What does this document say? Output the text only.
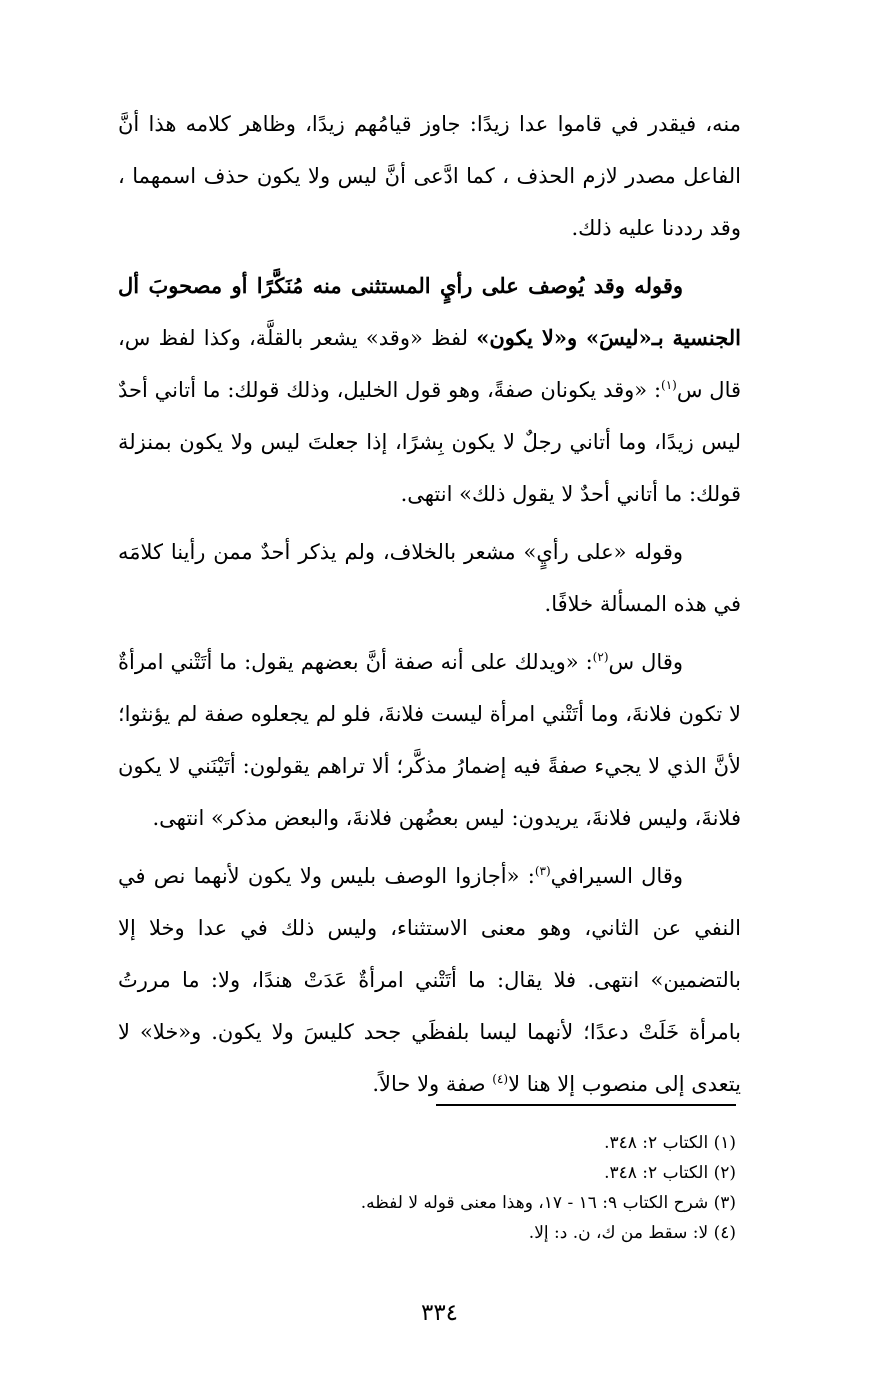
منه، فيقدر في قاموا عدا زيدًا: جاوز قيامُهم زيدًا، وظاهر كلامه هذا أنَّ الفاعل مصدر لازم الحذف ، كما ادَّعى أنَّ ليس ولا يكون حذف اسمهما ، وقد رددنا عليه ذلك.

وقوله وقد يُوصف على رأيٍ المستثنى منه مُنَكَّرًا أو مصحوبَ أل الجنسية بـ«ليسَ» و«لا يكون» لفظ «وقد» يشعر بالقلَّة، وكذا لفظ س، قال س$^{(١)}$: «وقد يكونان صفةً، وهو قول الخليل، وذلك قولك: ما أتاني أحدٌ ليس زيدًا، وما أتاني رجلٌ لا يكون بِشرًا، إذا جعلتَ ليس ولا يكون بمنزلة قولك: ما أتاني أحدٌ لا يقول ذلك» انتهى.

وقوله «على رأيٍ» مشعر بالخلاف، ولم يذكر أحدٌ ممن رأينا كلامَه في هذه المسألة خلافًا.

وقال س$^{(٢)}$: «ويدلك على أنه صفة أنَّ بعضهم يقول: ما أتَتْني امرأةٌ لا تكون فلانةَ، وما أتَتْني امرأة ليست فلانةَ، فلو لم يجعلوه صفة لم يؤنثوا؛ لأنَّ الذي لا يجيء صفةً فيه إضمارُ مذكَّر؛ ألا تراهم يقولون: أتَيْنَني لا يكون فلانةَ، وليس فلانةَ، يريدون: ليس بعضُهن فلانةَ، والبعض مذكر» انتهى.

وقال السيرافي$^{(٣)}$: «أجازوا الوصف بليس ولا يكون لأنهما نص في النفي عن الثاني، وهو معنى الاستثناء، وليس ذلك في عدا وخلا إلا بالتضمين» انتهى. فلا يقال: ما أتَتْني امرأةٌ عَدَتْ هندًا، ولا: ما مررتُ بامرأة خَلَتْ دعدًا؛ لأنهما ليسا بلفظَي جحد كليسَ ولا يكون. و«خلا» لا يتعدى إلى منصوب إلا هنا لا$^{(٤)}$ صفة ولا حالاً.

(١) الكتاب ٢: ٣٤٨.

(٢) الكتاب ٢: ٣٤٨.

(٣) شرح الكتاب ٩: ١٦ - ١٧، وهذا معنى قوله لا لفظه.

(٤) لا: سقط من ك، ن. د: إلا.

٣٣٤
